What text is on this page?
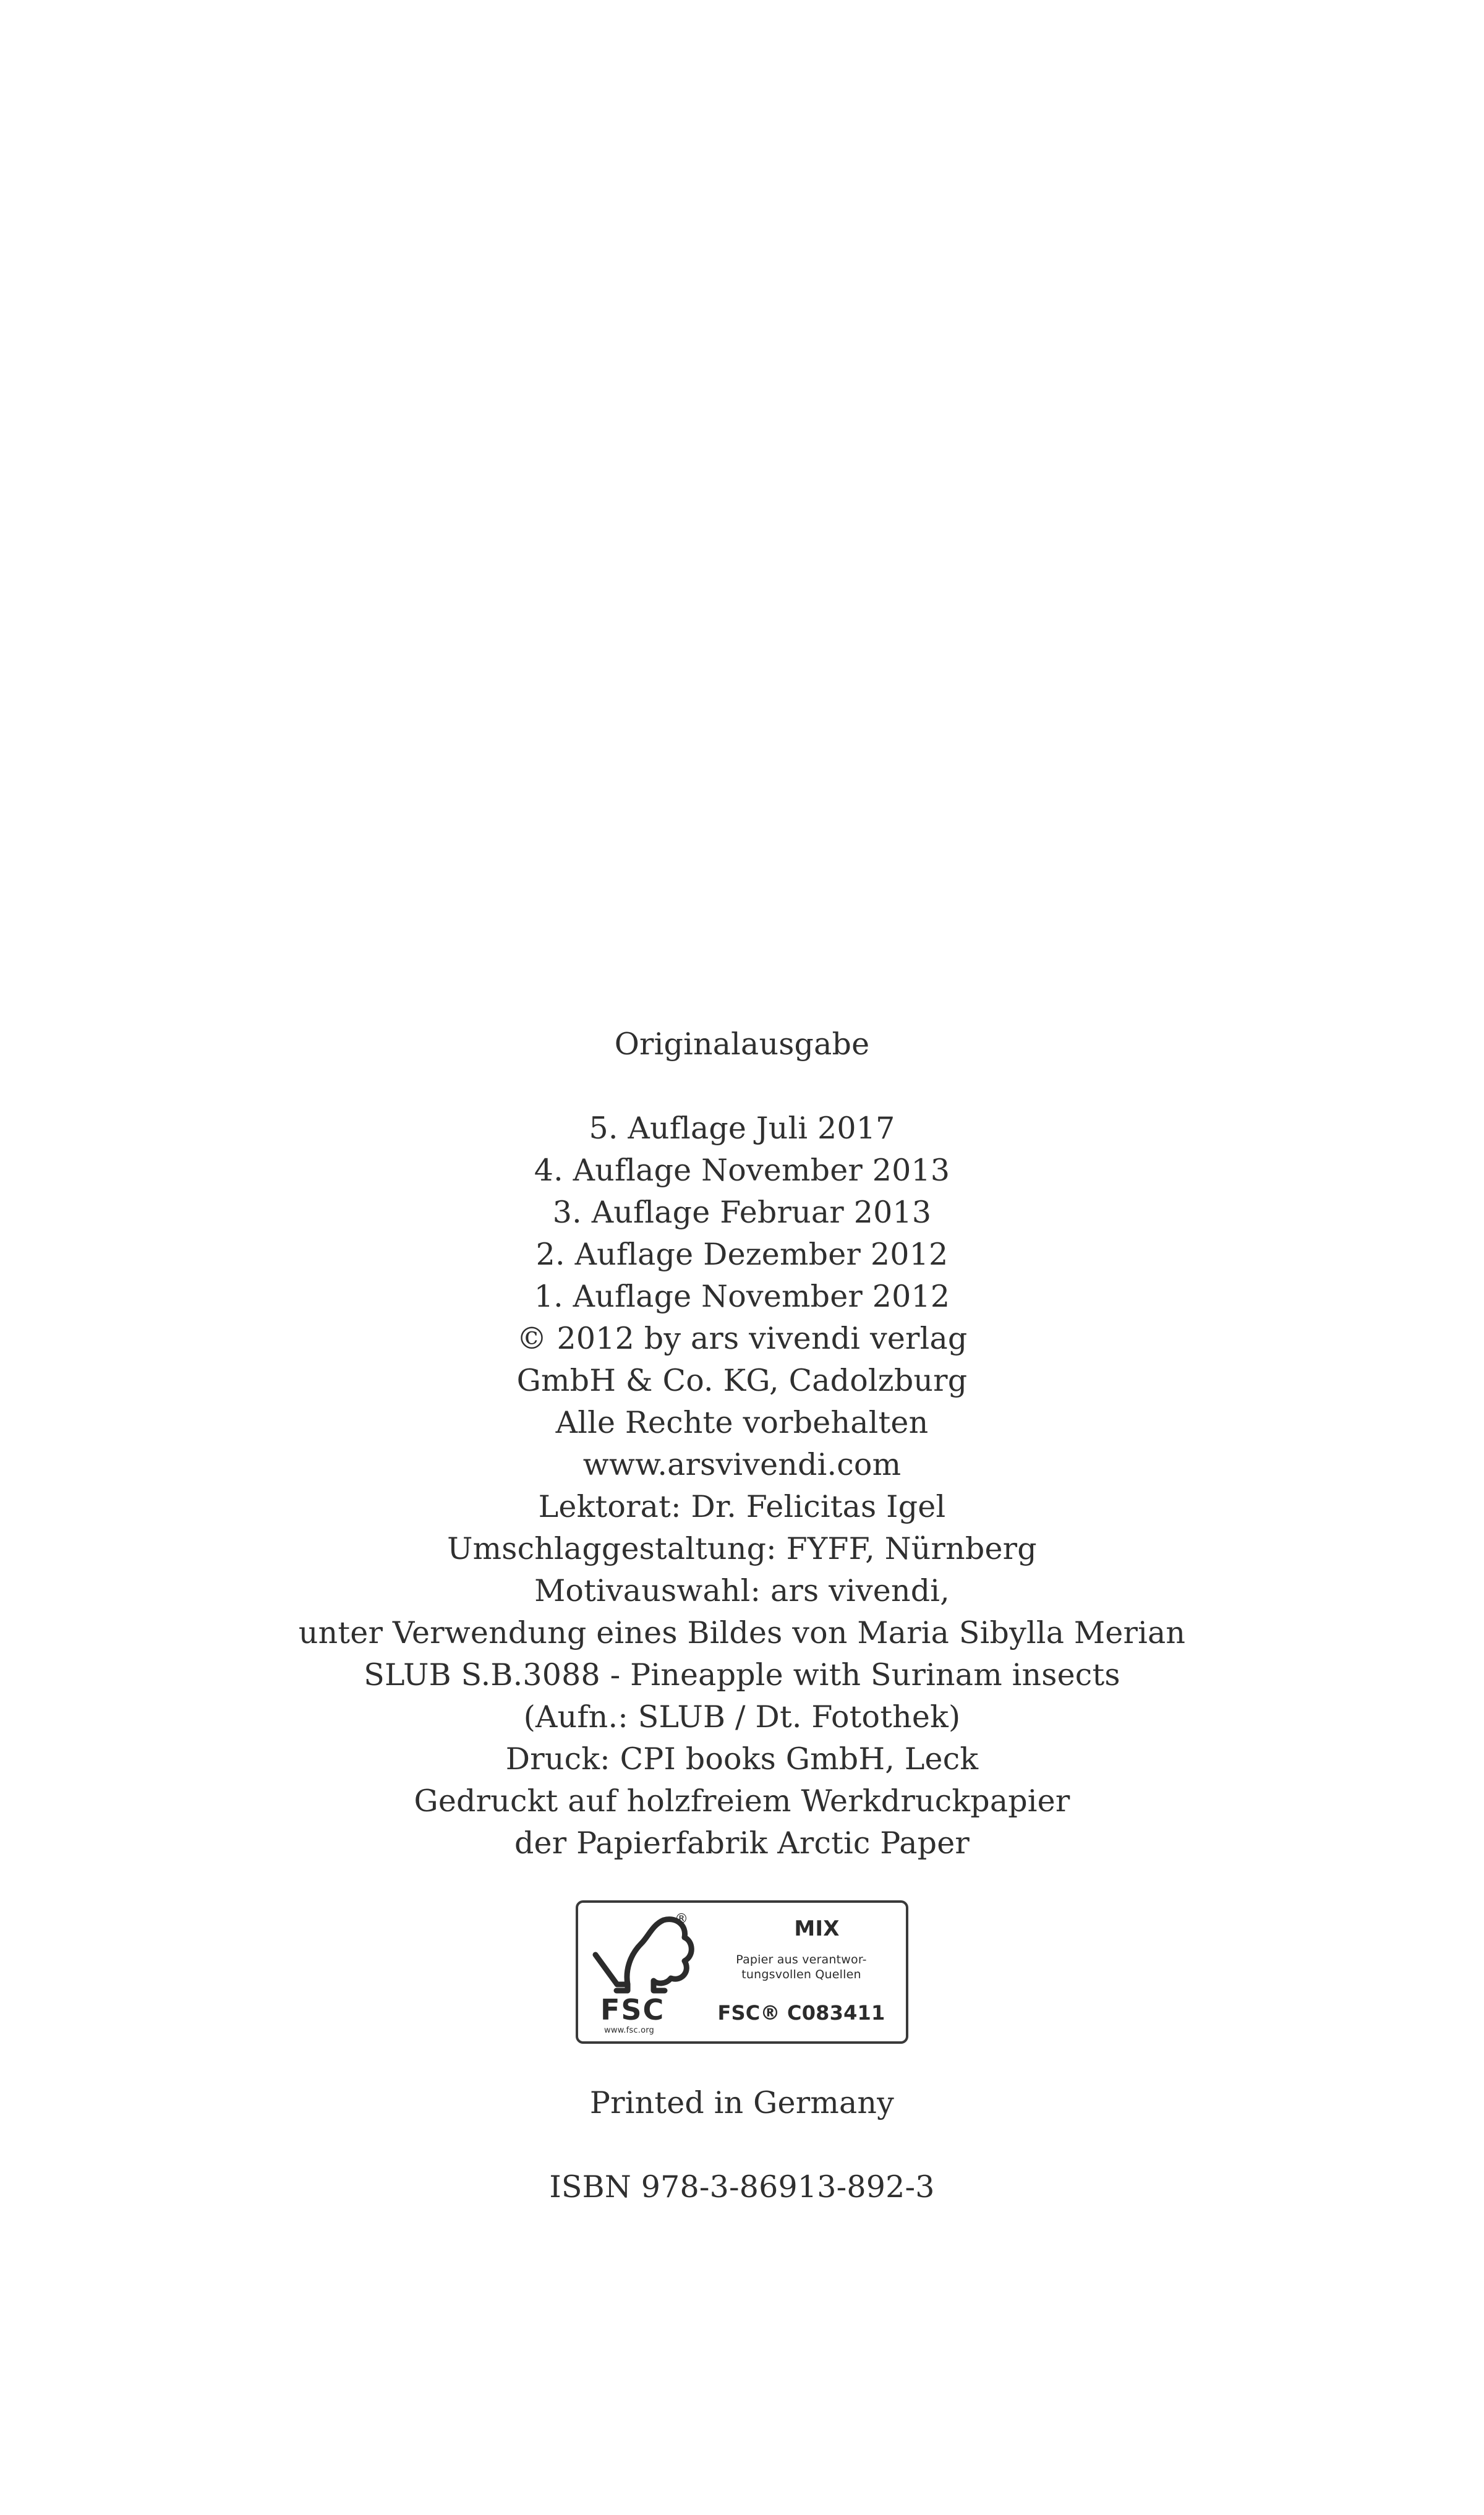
Originalausgabe
5. Auflage Juli 2017
4. Auflage November 2013
3. Auflage Februar 2013
2. Auflage Dezember 2012
1. Auflage November 2012
© 2012 by ars vivendi verlag
GmbH & Co. KG, Cadolzburg
Alle Rechte vorbehalten
www.arsvivendi.com
Lektorat: Dr. Felicitas Igel
Umschlaggestaltung: FYFF, Nürnberg
Motivauswahl: ars vivendi,
unter Verwendung eines Bildes von Maria Sibylla Merian
SLUB S.B.3088 - Pineapple with Surinam insects
(Aufn.: SLUB / Dt. Fotothek)
Druck: CPI books GmbH, Leck
Gedruckt auf holzfreiem Werkdruckpapier
der Papierfabrik Arctic Paper
®
FSC
www.fsc.org
MIX
Papier aus verantwor-
tungsvollen Quellen
FSC® C083411
Printed in Germany
ISBN 978-3-86913-892-3
